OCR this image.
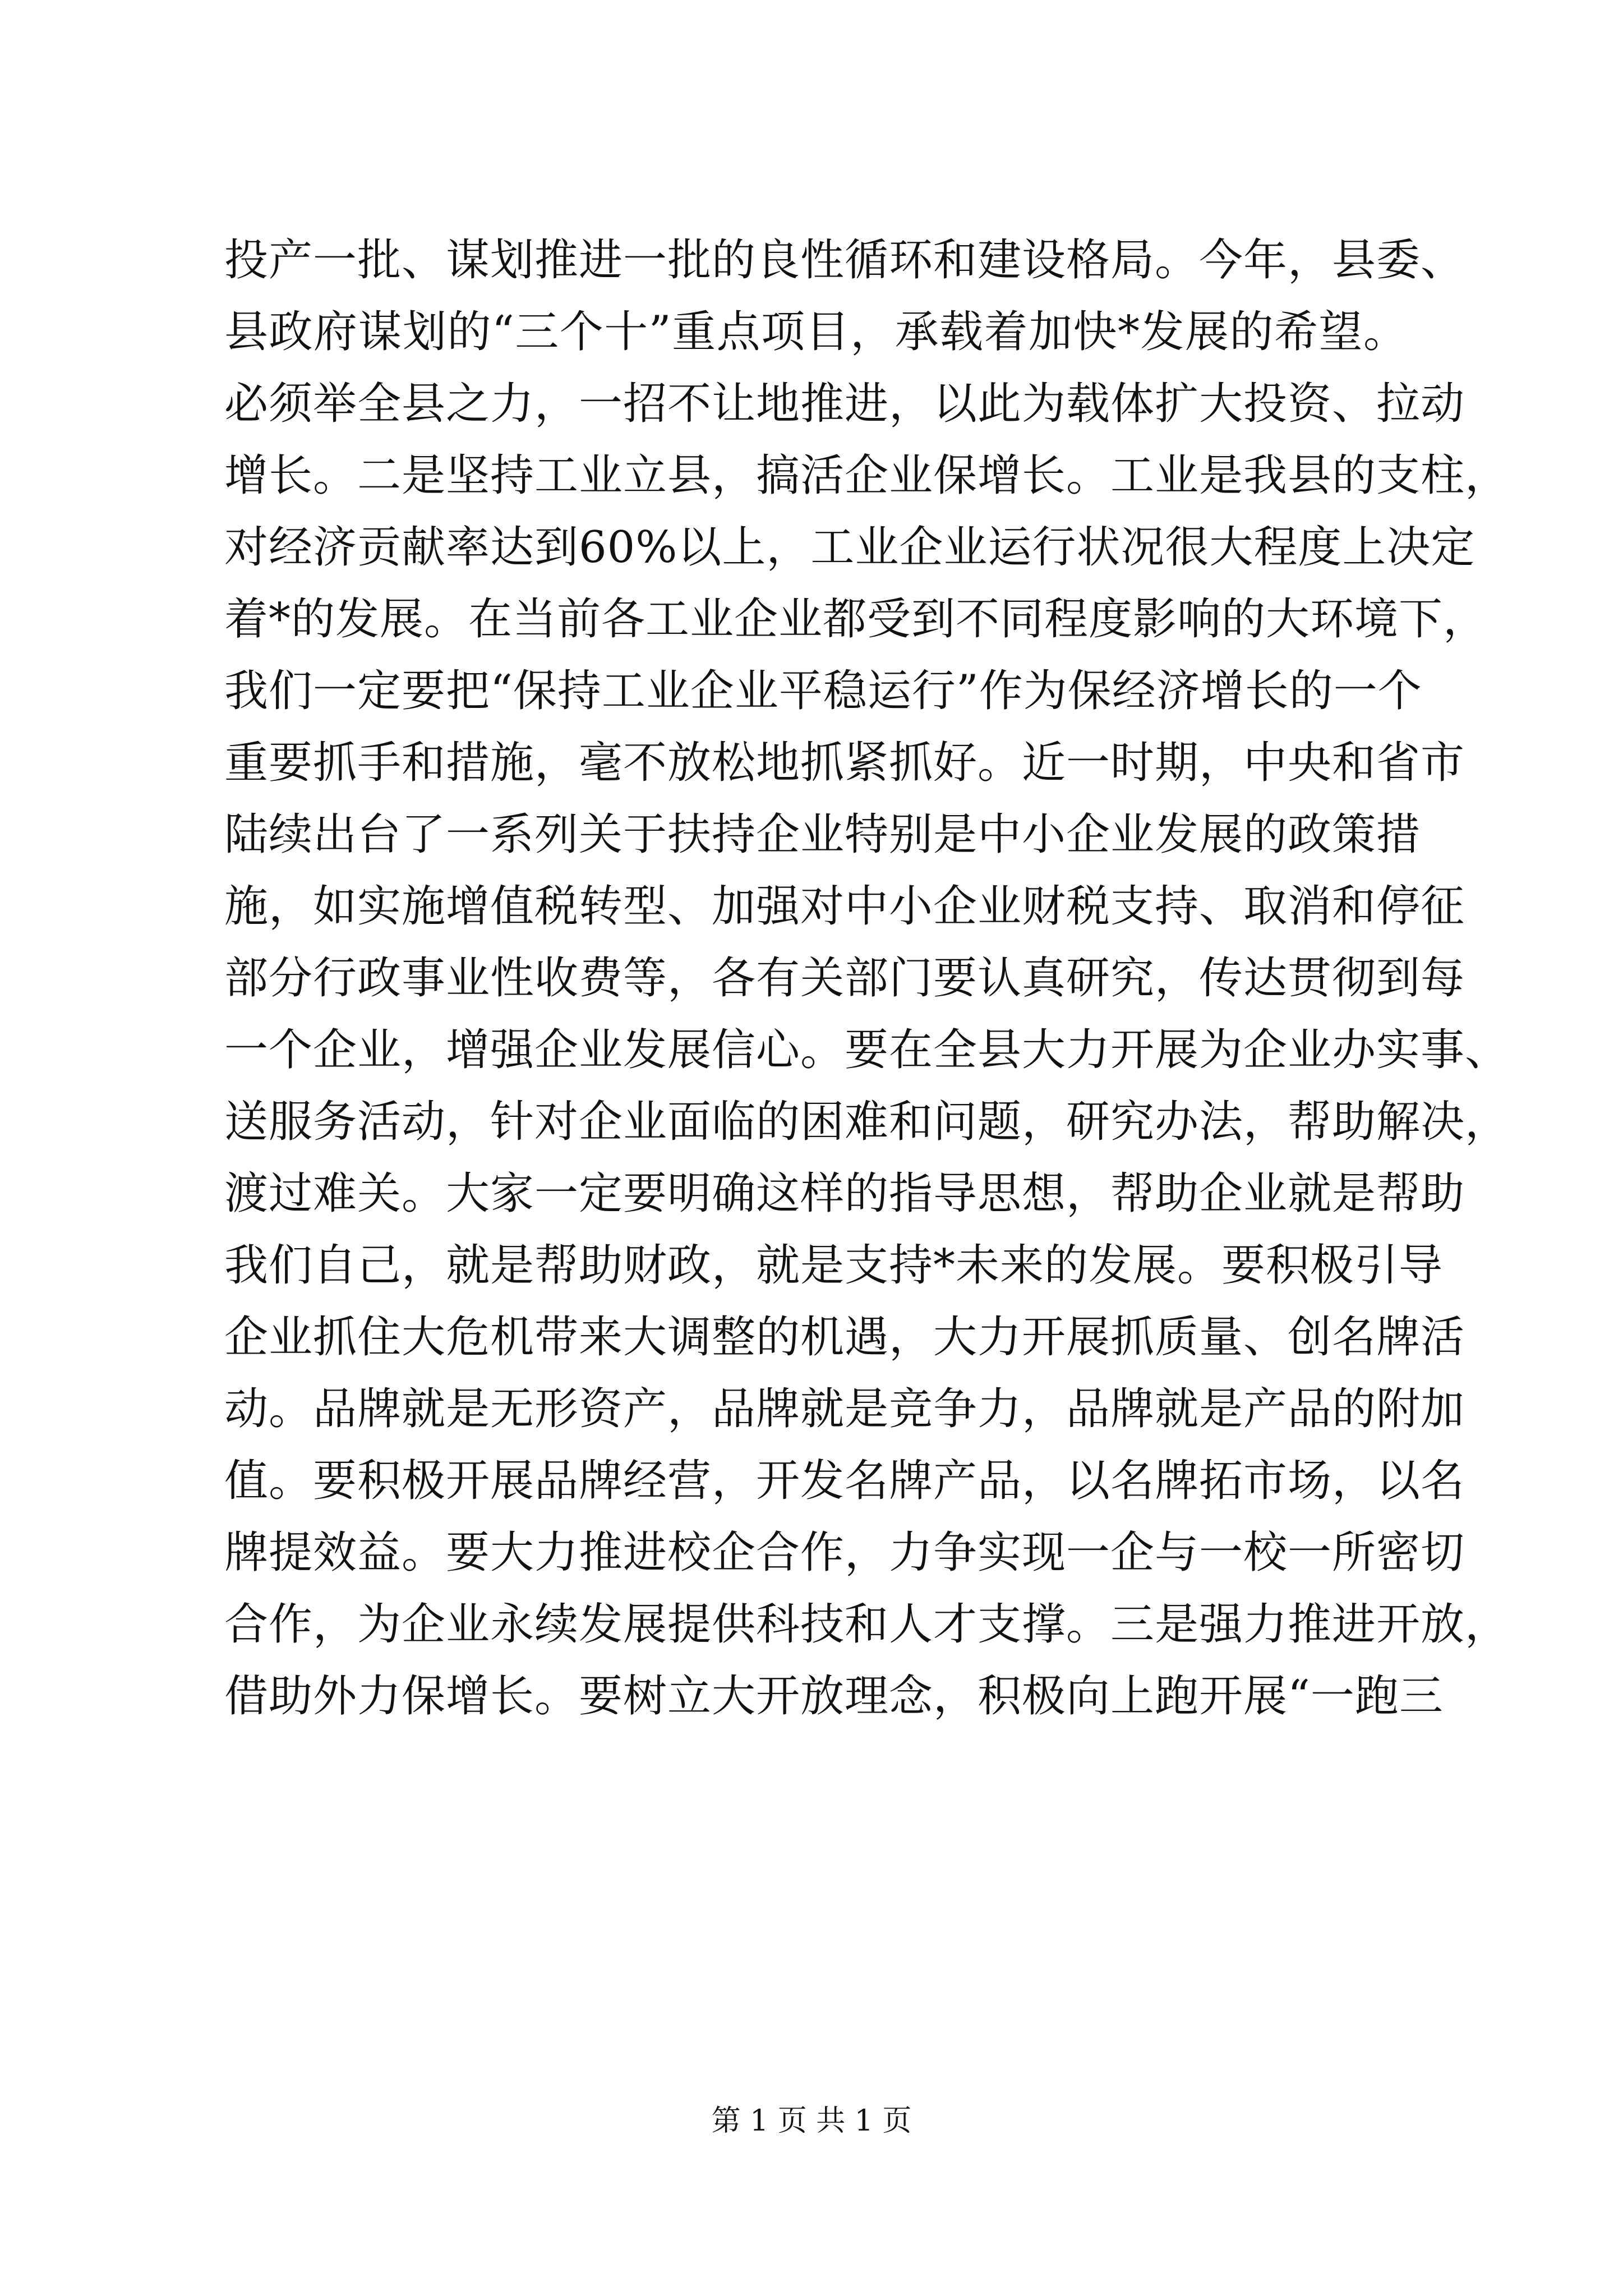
投产一批、谋划推进一批的良性循环和建设格局。今年，县委、
县政府谋划的“三个十”重点项目，承载着加快*发展的希望。
必须举全县之力，一招不让地推进，以此为载体扩大投资、拉动
增长。二是坚持工业立县，搞活企业保增长。工业是我县的支柱，
对经济贡献率达到60%以上，工业企业运行状况很大程度上决定
着*的发展。在当前各工业企业都受到不同程度影响的大环境下，
我们一定要把“保持工业企业平稳运行”作为保经济增长的一个
重要抓手和措施，毫不放松地抓紧抓好。近一时期，中央和省市
陆续出台了一系列关于扶持企业特别是中小企业发展的政策措
施，如实施增值税转型、加强对中小企业财税支持、取消和停征
部分行政事业性收费等，各有关部门要认真研究，传达贯彻到每
一个企业，增强企业发展信心。要在全县大力开展为企业办实事、
送服务活动，针对企业面临的困难和问题，研究办法，帮助解决，
渡过难关。大家一定要明确这样的指导思想，帮助企业就是帮助
我们自己，就是帮助财政，就是支持*未来的发展。要积极引导
企业抓住大危机带来大调整的机遇，大力开展抓质量、创名牌活
动。品牌就是无形资产，品牌就是竞争力，品牌就是产品的附加
值。要积极开展品牌经营，开发名牌产品，以名牌拓市场，以名
牌提效益。要大力推进校企合作，力争实现一企与一校一所密切
合作，为企业永续发展提供科技和人才支撑。三是强力推进开放，
借助外力保增长。要树立大开放理念，积极向上跑开展“一跑三
第 1 页 共 1 页
